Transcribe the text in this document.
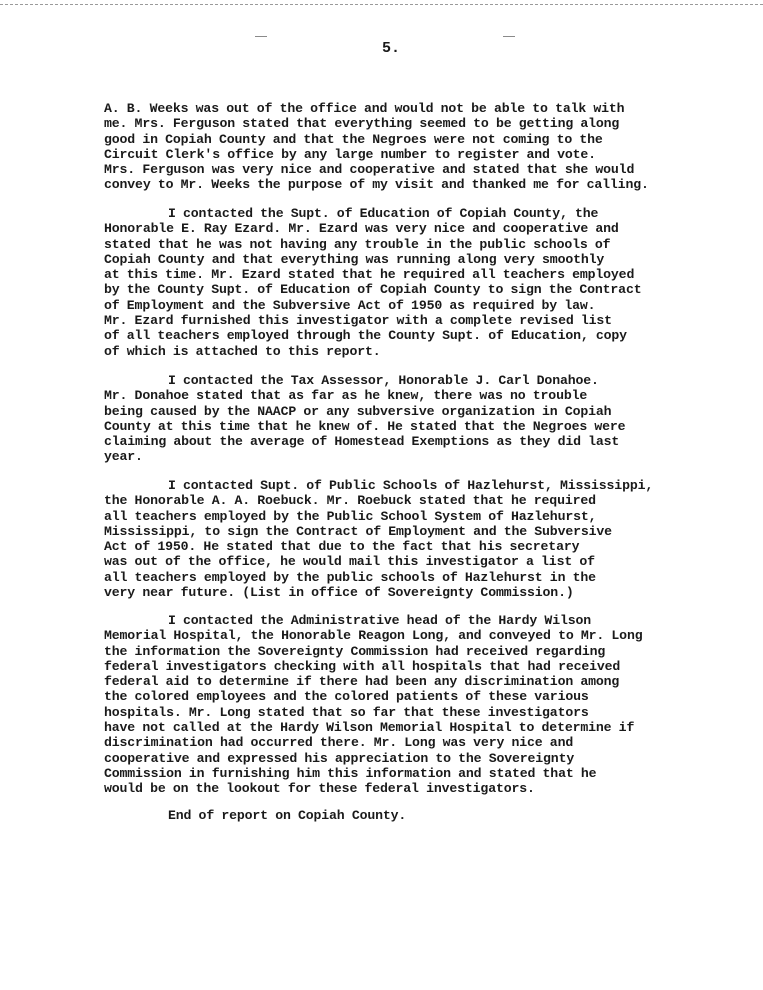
5.
A. B. Weeks was out of the office and would not be able to talk with
me. Mrs. Ferguson stated that everything seemed to be getting along
good in Copiah County and that the Negroes were not coming to the
Circuit Clerk's office by any large number to register and vote.
Mrs. Ferguson was very nice and cooperative and stated that she would
convey to Mr. Weeks the purpose of my visit and thanked me for calling.
I contacted the Supt. of Education of Copiah County, the
Honorable E. Ray Ezard. Mr. Ezard was very nice and cooperative and
stated that he was not having any trouble in the public schools of
Copiah County and that everything was running along very smoothly
at this time. Mr. Ezard stated that he required all teachers employed
by the County Supt. of Education of Copiah County to sign the Contract
of Employment and the Subversive Act of 1950 as required by law.
Mr. Ezard furnished this investigator with a complete revised list
of all teachers employed through the County Supt. of Education, copy
of which is attached to this report.
I contacted the Tax Assessor, Honorable J. Carl Donahoe.
Mr. Donahoe stated that as far as he knew, there was no trouble
being caused by the NAACP or any subversive organization in Copiah
County at this time that he knew of. He stated that the Negroes were
claiming about the average of Homestead Exemptions as they did last
year.
I contacted Supt. of Public Schools of Hazlehurst, Mississippi,
the Honorable A. A. Roebuck. Mr. Roebuck stated that he required
all teachers employed by the Public School System of Hazlehurst,
Mississippi, to sign the Contract of Employment and the Subversive
Act of 1950. He stated that due to the fact that his secretary
was out of the office, he would mail this investigator a list of
all teachers employed by the public schools of Hazlehurst in the
very near future. (List in office of Sovereignty Commission.)
I contacted the Administrative head of the Hardy Wilson
Memorial Hospital, the Honorable Reagon Long, and conveyed to Mr. Long
the information the Sovereignty Commission had received regarding
federal investigators checking with all hospitals that had received
federal aid to determine if there had been any discrimination among
the colored employees and the colored patients of these various
hospitals. Mr. Long stated that so far that these investigators
have not called at the Hardy Wilson Memorial Hospital to determine if
discrimination had occurred there. Mr. Long was very nice and
cooperative and expressed his appreciation to the Sovereignty
Commission in furnishing him this information and stated that he
would be on the lookout for these federal investigators.
End of report on Copiah County.
